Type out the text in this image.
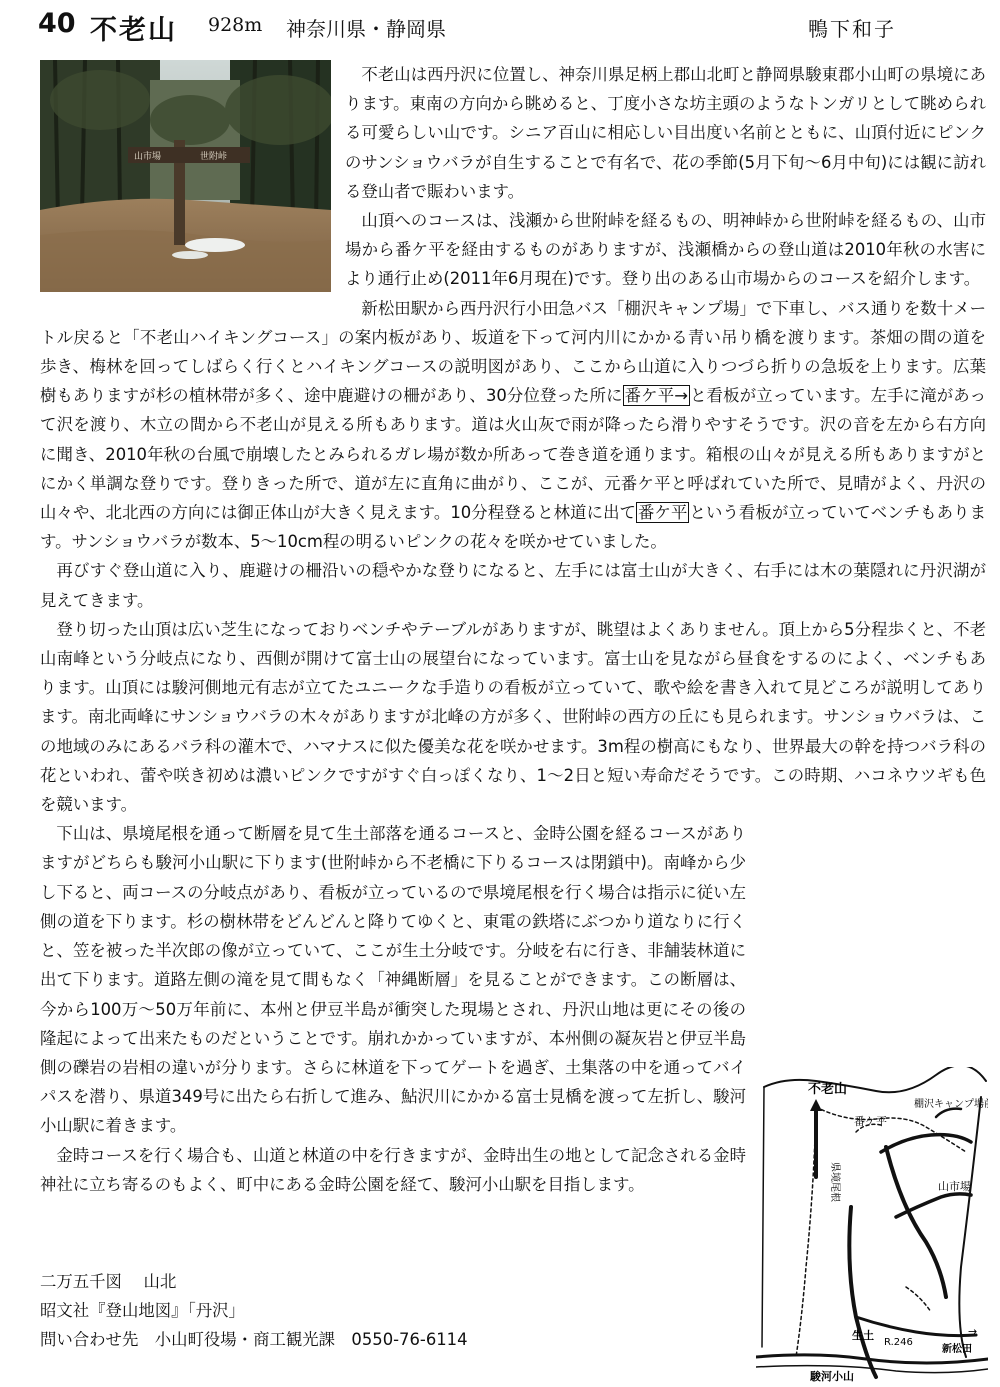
40 不老山 928m 神奈川県・静岡県	鴨下和子
山市場	世附峠

不老山は西丹沢に位置し、神奈川県足柄上郡山北町と静岡県駿東郡小山町の県境にあります。東南の方向から眺めると、丁度小さな坊主頭のようなトンガリとして眺められる可愛らしい山です。シニア百山に相応しい目出度い名前とともに、山頂付近にピンクのサンショウバラが自生することで有名で、花の季節(5月下旬～6月中旬)には観に訪れる登山者で賑わいます。

山頂へのコースは、浅瀬から世附峠を経るもの、明神峠から世附峠を経るもの、山市場から番ケ平を経由するものがありますが、浅瀬橋からの登山道は2010年秋の水害により通行止め(2011年6月現在)です。登り出のある山市場からのコースを紹介します。

新松田駅から西丹沢行小田急バス「棚沢キャンプ場」で下車し、バス通りを数十メートル戻ると「不老山ハイキングコース」の案内板があり、坂道を下って河内川にかかる青い吊り橋を渡ります。茶畑の間の道を歩き、梅林を回ってしばらく行くとハイキングコースの説明図があり、ここから山道に入りつづら折りの急坂を上ります。広葉樹もありますが杉の植林帯が多く、途中鹿避けの柵があり、30分位登った所に 番ケ平→ と看板が立っています。左手に滝があって沢を渡り、木立の間から不老山が見える所もあります。道は火山灰で雨が降ったら滑りやすそうです。沢の音を左から右方向に聞き、2010年秋の台風で崩壊したとみられるガレ場が数か所あって巻き道を通ります。箱根の山々が見える所もありますがとにかく単調な登りです。登りきった所で、道が左に直角に曲がり、ここが、元番ケ平と呼ばれていた所で、見晴がよく、丹沢の山々や、北北西の方向には御正体山が大きく見えます。10分程登ると林道に出て 番ケ平 という看板が立っていてベンチもあります。サンショウバラが数本、5～10cm程の明るいピンクの花々を咲かせていました。

再びすぐ登山道に入り、鹿避けの柵沿いの穏やかな登りになると、左手には富士山が大きく、右手には木の葉隠れに丹沢湖が見えてきます。

登り切った山頂は広い芝生になっておりベンチやテーブルがありますが、眺望はよくありません。頂上から5分程歩くと、不老山南峰という分岐点になり、西側が開けて富士山の展望台になっています。富士山を見ながら昼食をするのによく、ベンチもあります。山頂には駿河側地元有志が立てたユニークな手造りの看板が立っていて、歌や絵を書き入れて見どころが説明してあります。南北両峰にサンショウバラの木々がありますが北峰の方が多く、世附峠の西方の丘にも見られます。サンショウバラは、この地域のみにあるバラ科の灌木で、ハマナスに似た優美な花を咲かせます。3m程の樹高にもなり、世界最大の幹を持つバラ科の花といわれ、蕾や咲き初めは濃いピンクですがすぐ白っぽくなり、1～2日と短い寿命だそうです。この時期、ハコネウツギも色を競います。

下山は、県境尾根を通って断層を見て生土部落を通るコースと、金時公園を経るコースがありますがどちらも駿河小山駅に下ります(世附峠から不老橋に下りるコースは閉鎖中)。南峰から少し下ると、両コースの分岐点があり、看板が立っているので県境尾根を行く場合は指示に従い左側の道を下ります。杉の樹林帯をどんどんと降りてゆくと、東電の鉄塔にぶつかり道なりに行くと、笠を被った半次郎の像が立っていて、ここが生土分岐です。分岐を右に行き、非舗装林道に出て下ります。道路左側の滝を見て間もなく「神縄断層」を見ることができます。この断層は、今から100万～50万年前に、本州と伊豆半島が衝突した現場とされ、丹沢山地は更にその後の隆起によって出来たものだということです。崩れかかっていますが、本州側の凝灰岩と伊豆半島側の礫岩の岩相の違いが分ります。さらに林道を下ってゲートを過ぎ、土集落の中を通ってバイパスを潜り、県道349号に出たら右折して進み、鮎沢川にかかる富士見橋を渡って左折し、駿河小山駅に着きます。

金時コースを行く場合も、山道と林道の中を行きますが、金時出生の地として記念される金時神社に立ち寄るのもよく、町中にある金時公園を経て、駿河小山駅を目指します。

二万五千図　 山北
昭文社『登山地図』「丹沢」
問い合わせ先　小山町役場・商工観光課　0550-76-6114
不老山
番ケ平
棚沢キャンプ場前
県境尾根	山市場
R.246
新松田
生土
駿河小山
→
